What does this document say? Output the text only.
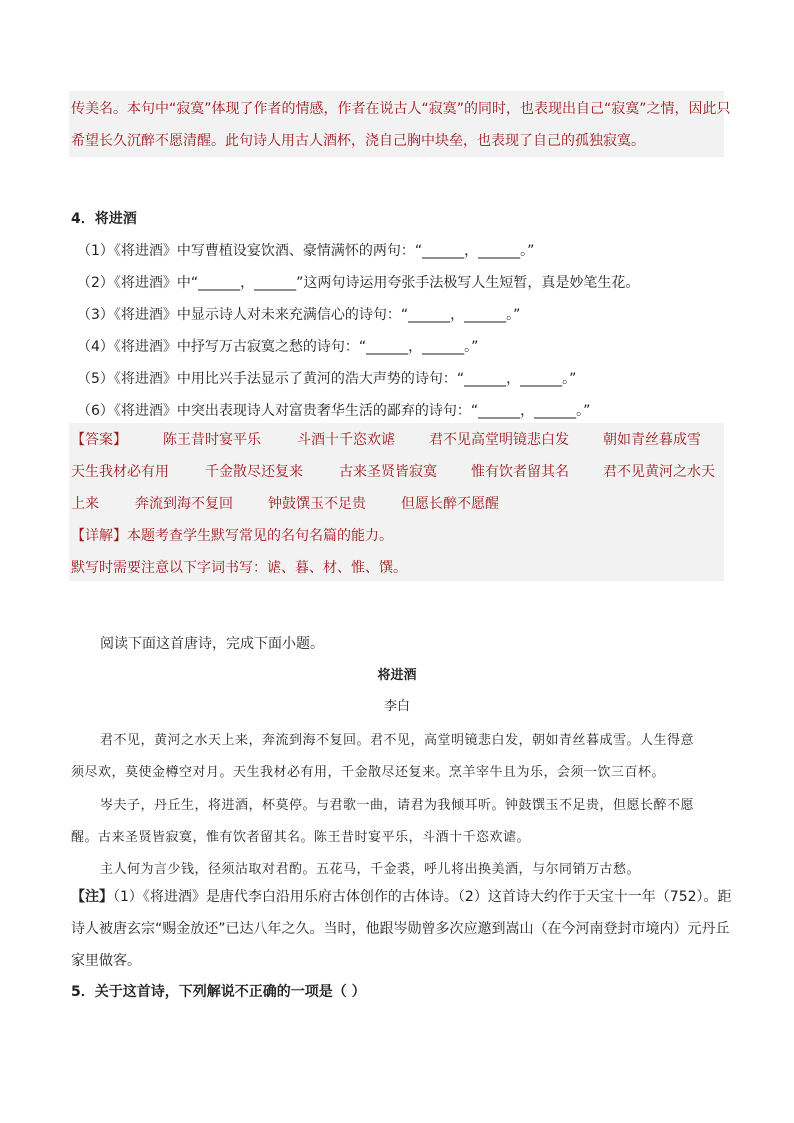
传美名。本句中“寂寞”体现了作者的情感，作者在说古人“寂寞”的同时，也表现出自己“寂寞”之情，因此只
希望长久沉醉不愿清醒。此句诗人用古人酒杯，浇自己胸中块垒，也表现了自己的孤独寂寞。
4．将进酒
（1）《将进酒》中写曹植设宴饮酒、豪情满怀的两句：“______，______。”
（2）《将进酒》中“______，______”这两句诗运用夸张手法极写人生短暂，真是妙笔生花。
（3）《将进酒》中显示诗人对未来充满信心的诗句：“______，______。”
（4）《将进酒》中抒写万古寂寞之愁的诗句：“______，______。”
（5）《将进酒》中用比兴手法显示了黄河的浩大声势的诗句：“______，______。”
（6）《将进酒》中突出表现诗人对富贵奢华生活的鄙弃的诗句：“______，______。”
【答案】	陈王昔时宴平乐	斗酒十千恣欢谑 君不见高堂明镜悲白发 朝如青丝暮成雪
天生我材必有用	千金散尽还复来	古来圣贤皆寂寞 惟有饮者留其名 君不见黄河之水天
上来	奔流到海不复回	钟鼓馔玉不足贵	但愿长醉不愿醒
【详解】 本题考查学生默写常见的名句名篇的能力。
默写时需要注意以下字词书写：谑、暮、材、惟、馔。
阅读下面这首唐诗，完成下面小题。
将进酒
李白
君不见，黄河之水天上来，奔流到海不复回。君不见，高堂明镜悲白发，朝如青丝暮成雪。人生得意
须尽欢，莫使金樽空对月。天生我材必有用，千金散尽还复来。烹羊宰牛且为乐，会须一饮三百杯。
岑夫子，丹丘生，将进酒，杯莫停。与君歌一曲，请君为我倾耳听。钟鼓馔玉不足贵，但愿长醉不愿
醒。古来圣贤皆寂寞，惟有饮者留其名。陈王昔时宴平乐，斗酒十千恣欢谑。
主人何为言少钱，径须沽取对君酌。五花马，千金裘，呼儿将出换美酒，与尔同销万古愁。
【注】（1）《将进酒》是唐代李白沿用乐府古体创作的古体诗。（2）这首诗大约作于天宝十一年（752）。距
诗人被唐玄宗“赐金放还”已达八年之久。当时，他跟岑勋曾多次应邀到嵩山（在今河南登封市境内）元丹丘
家里做客。
5．关于这首诗，下列解说不正确的一项是（ ）
